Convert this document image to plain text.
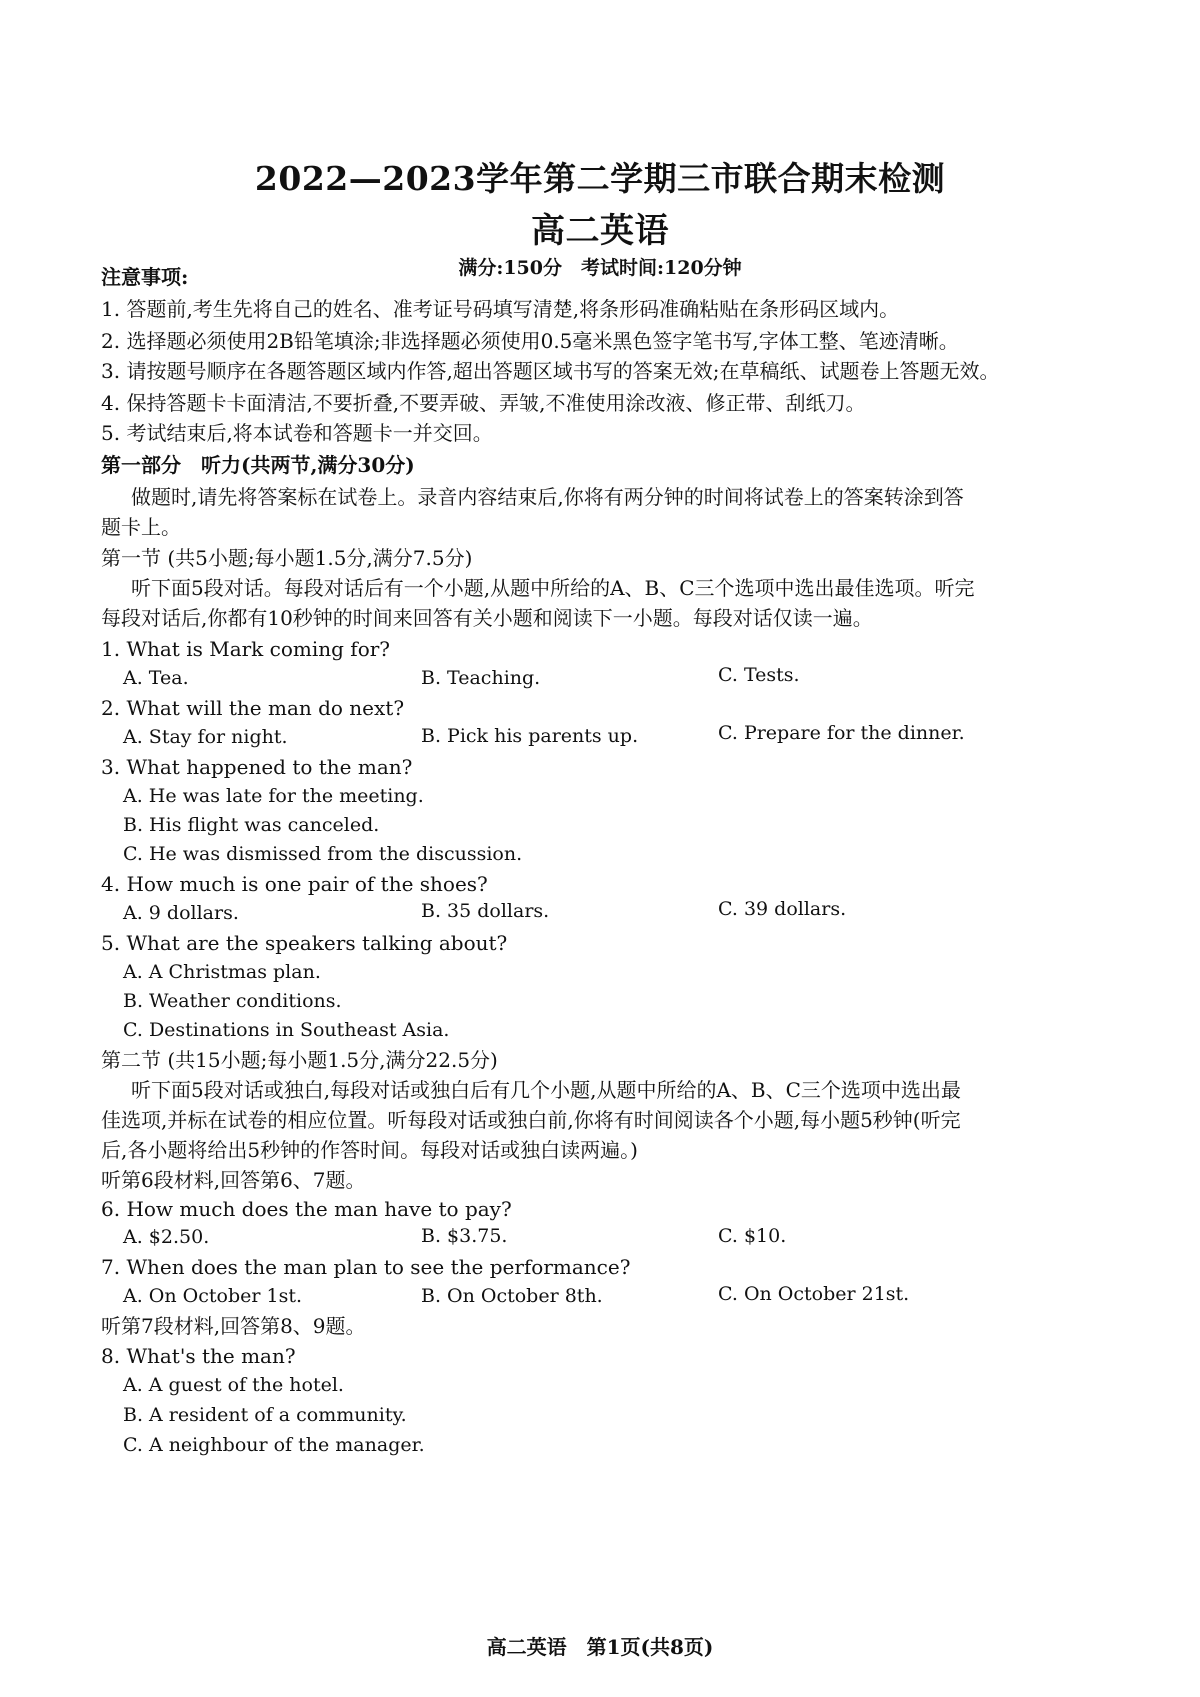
2022—2023学年第二学期三市联合期末检测
高二英语
满分:150分　考试时间:120分钟
注意事项:
1. 答题前,考生先将自己的姓名、准考证号码填写清楚,将条形码准确粘贴在条形码区域内。
2. 选择题必须使用2B铅笔填涂;非选择题必须使用0.5毫米黑色签字笔书写,字体工整、笔迹清晰。
3. 请按题号顺序在各题答题区域内作答,超出答题区域书写的答案无效;在草稿纸、试题卷上答题无效。
4. 保持答题卡卡面清洁,不要折叠,不要弄破、弄皱,不准使用涂改液、修正带、刮纸刀。
5. 考试结束后,将本试卷和答题卡一并交回。
第一部分　听力(共两节,满分30分)
做题时,请先将答案标在试卷上。录音内容结束后,你将有两分钟的时间将试卷上的答案转涂到答
题卡上。
第一节 (共5小题;每小题1.5分,满分7.5分)
听下面5段对话。每段对话后有一个小题,从题中所给的A、B、C三个选项中选出最佳选项。听完
每段对话后,你都有10秒钟的时间来回答有关小题和阅读下一小题。每段对话仅读一遍。
1. What is Mark coming for?
A. Tea.	B. Teaching.	C. Tests.
2. What will the man do next?
A. Stay for night.	B. Pick his parents up.	C. Prepare for the dinner.
3. What happened to the man?
A. He was late for the meeting.
B. His flight was canceled.
C. He was dismissed from the discussion.
4. How much is one pair of the shoes?
A. 9 dollars.	B. 35 dollars.	C. 39 dollars.
5. What are the speakers talking about?
A. A Christmas plan.
B. Weather conditions.
C. Destinations in Southeast Asia.
第二节 (共15小题;每小题1.5分,满分22.5分)
听下面5段对话或独白,每段对话或独白后有几个小题,从题中所给的A、B、C三个选项中选出最
佳选项,并标在试卷的相应位置。听每段对话或独白前,你将有时间阅读各个小题,每小题5秒钟(听完
后,各小题将给出5秒钟的作答时间。每段对话或独白读两遍。)
听第6段材料,回答第6、7题。
6. How much does the man have to pay?
A. $2.50.	B. $3.75.	C. $10.
7. When does the man plan to see the performance?
A. On October 1st.	B. On October 8th.	C. On October 21st.
听第7段材料,回答第8、9题。
8. What's the man?
A. A guest of the hotel.
B. A resident of a community.
C. A neighbour of the manager.
高二英语　第1页(共8页)
